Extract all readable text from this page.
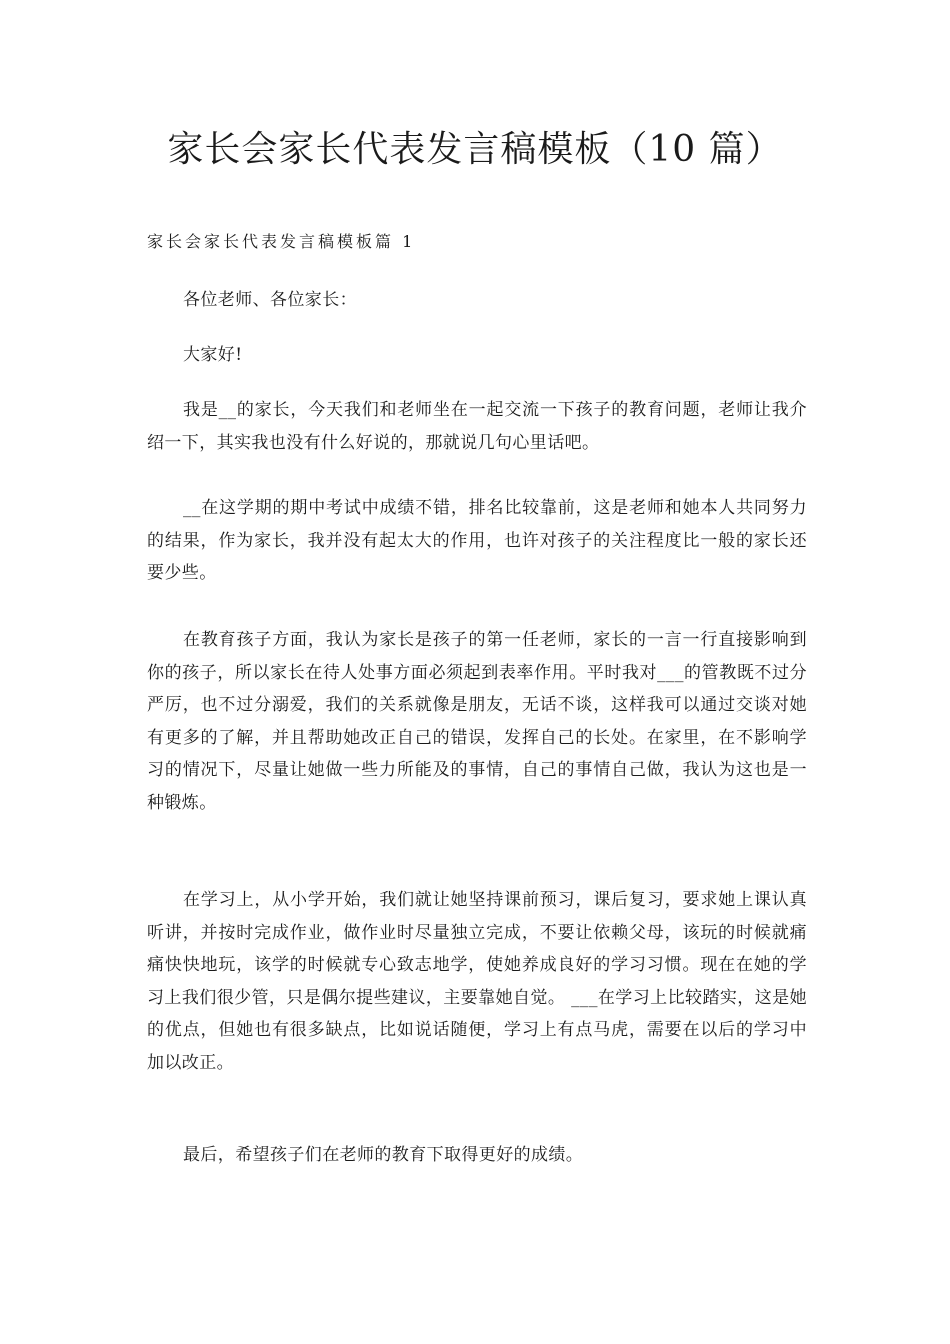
家长会家长代表发言稿模板（10 篇）
家长会家长代表发言稿模板篇 1

各位老师、各位家长：

大家好!

我是__的家长，今天我们和老师坐在一起交流一下孩子的教育问题，老师让我介绍一下，其实我也没有什么好说的，那就说几句心里话吧。

__在这学期的期中考试中成绩不错，排名比较靠前，这是老师和她本人共同努力的结果，作为家长，我并没有起太大的作用，也许对孩子的关注程度比一般的家长还要少些。

在教育孩子方面，我认为家长是孩子的第一任老师，家长的一言一行直接影响到你的孩子，所以家长在待人处事方面必须起到表率作用。平时我对___的管教既不过分严厉，也不过分溺爱，我们的关系就像是朋友，无话不谈，这样我可以通过交谈对她有更多的了解，并且帮助她改正自己的错误，发挥自己的长处。在家里，在不影响学习的情况下，尽量让她做一些力所能及的事情，自己的事情自己做，我认为这也是一种锻炼。

在学习上，从小学开始，我们就让她坚持课前预习，课后复习，要求她上课认真听讲，并按时完成作业，做作业时尽量独立完成，不要让依赖父母，该玩的时候就痛痛快快地玩，该学的时候就专心致志地学，使她养成良好的学习习惯。现在在她的学习上我们很少管，只是偶尔提些建议，主要靠她自觉。 ___在学习上比较踏实，这是她的优点，但她也有很多缺点，比如说话随便，学习上有点马虎，需要在以后的学习中加以改正。

最后，希望孩子们在老师的教育下取得更好的成绩。
